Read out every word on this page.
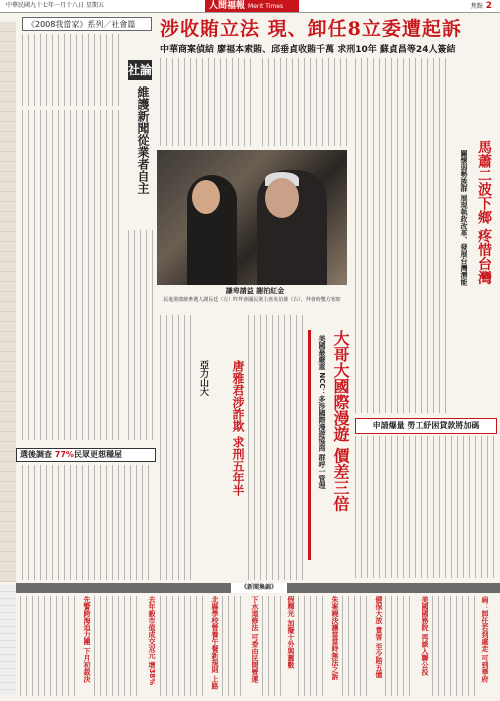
中華民國九十七年一月十八日 星期五	人間福報 Merit Times	焦點 2
《2008我當家》系列／社會篇	涉收賄立法 現、卸任8立委遭起訴
中華商案偵結 廖福本索賄、邱垂貞收賄千萬 求刑10年 蘇貞昌等24人簽結
社論
維護新聞從業者自主
謙卑請益 謝拍紅金
民進黨總統參選人謝長廷（左）昨拜會國民黨主席吳伯雄（右），拜會時雙方寒暄
亞力山大	唐雅君涉詐欺 求刑五年半	美國最嚴重 NCC：多涉國際漫遊協商 群呼一管理 大哥大國際漫遊 價差三倍
關懷弱勢族群 展現執政改革、發展台灣潛能 馬蕭二波下鄉 疼惜台灣
申請爆量 勞工紓困貸款將加碼
選後調查 77%民眾更想穩屋
《新聞集錦》
扁：卸任若到處走 可到華府
美國國務院 再談入聯公投
健保大放 貴害 至少賠五億
朱案曉決讓當當時無法之訴
假釋光 加擬十外與舊數
下水道修法 可委由民間營運
北縣學校營養午餐新規則 上路
去年毅市值成交双元 增38%
先警跨海追力團 下月初裁決
